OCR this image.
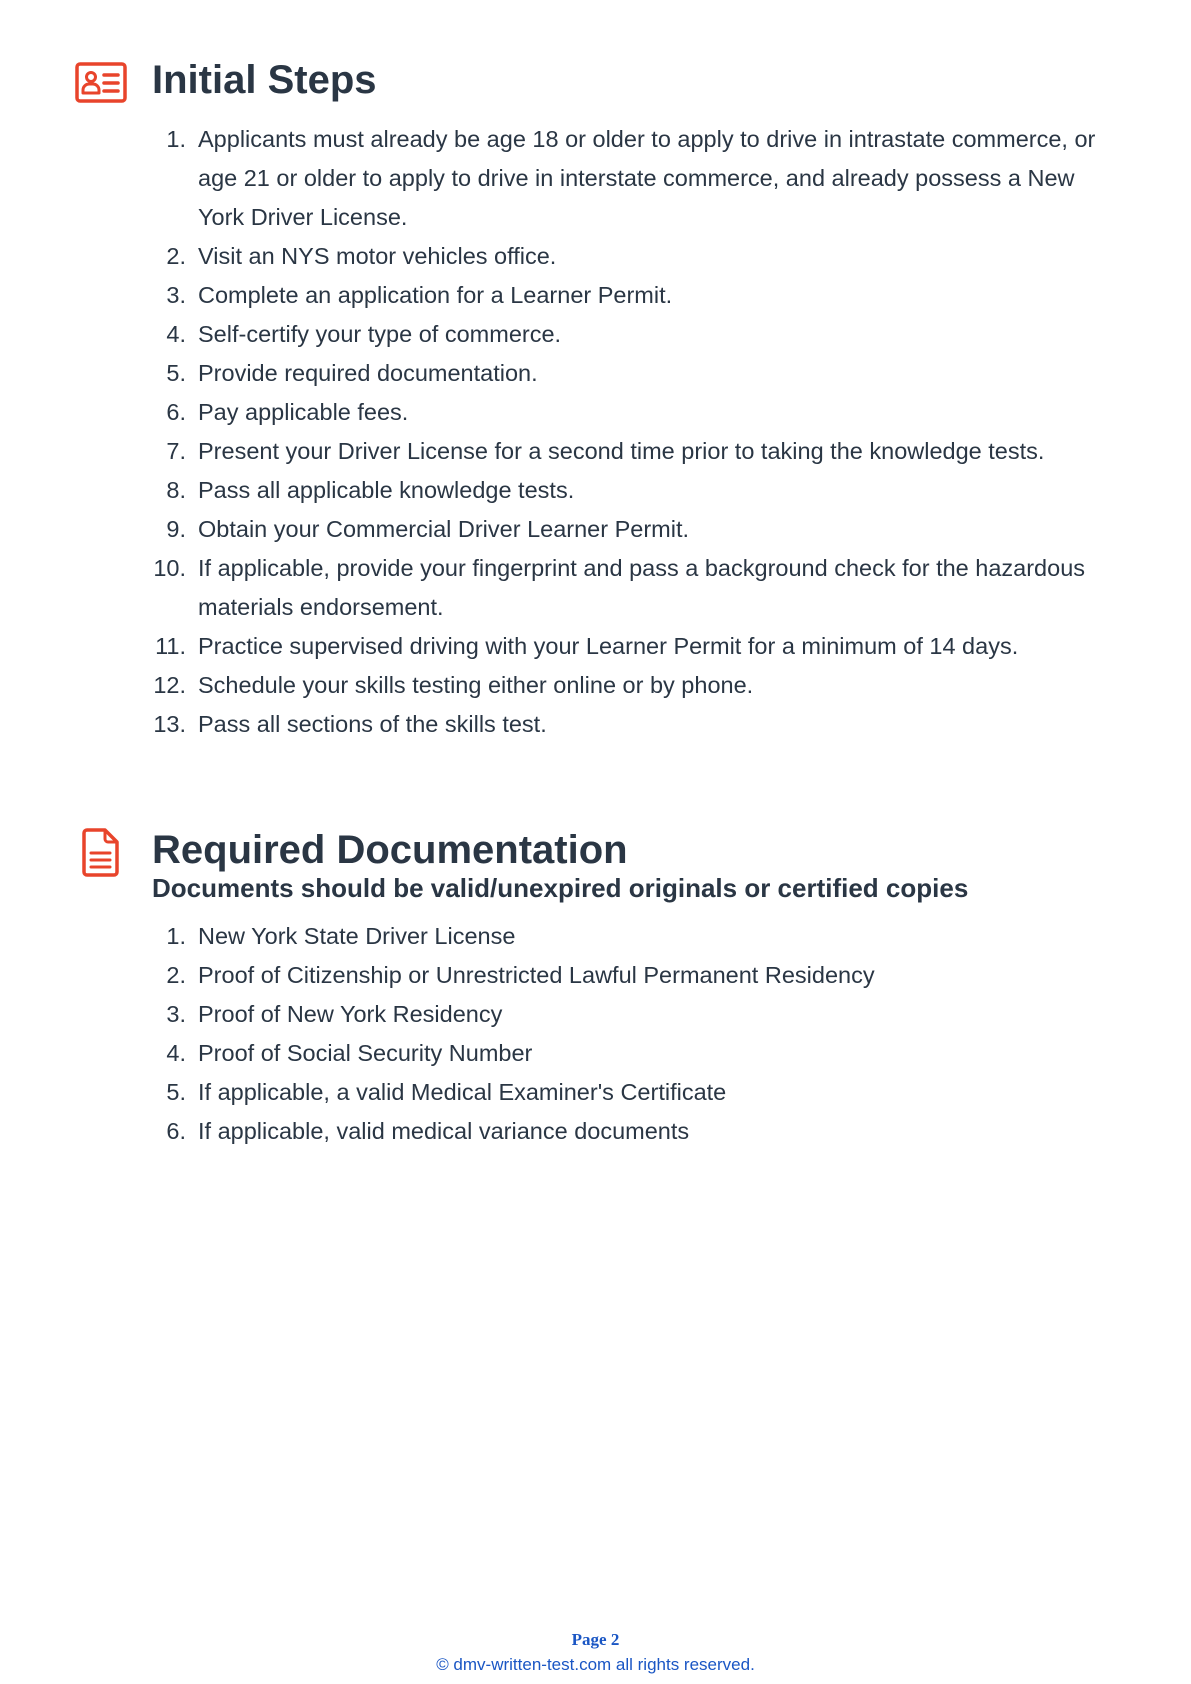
Initial Steps
1. Applicants must already be age 18 or older to apply to drive in intrastate commerce, or age 21 or older to apply to drive in interstate commerce, and already possess a New York Driver License.
2. Visit an NYS motor vehicles office.
3. Complete an application for a Learner Permit.
4. Self-certify your type of commerce.
5. Provide required documentation.
6. Pay applicable fees.
7. Present your Driver License for a second time prior to taking the knowledge tests.
8. Pass all applicable knowledge tests.
9. Obtain your Commercial Driver Learner Permit.
10. If applicable, provide your fingerprint and pass a background check for the hazardous materials endorsement.
11. Practice supervised driving with your Learner Permit for a minimum of 14 days.
12. Schedule your skills testing either online or by phone.
13. Pass all sections of the skills test.
Required Documentation
Documents should be valid/unexpired originals or certified copies
1. New York State Driver License
2. Proof of Citizenship or Unrestricted Lawful Permanent Residency
3. Proof of New York Residency
4. Proof of Social Security Number
5. If applicable, a valid Medical Examiner's Certificate
6. If applicable, valid medical variance documents
Page 2
© dmv-written-test.com all rights reserved.
